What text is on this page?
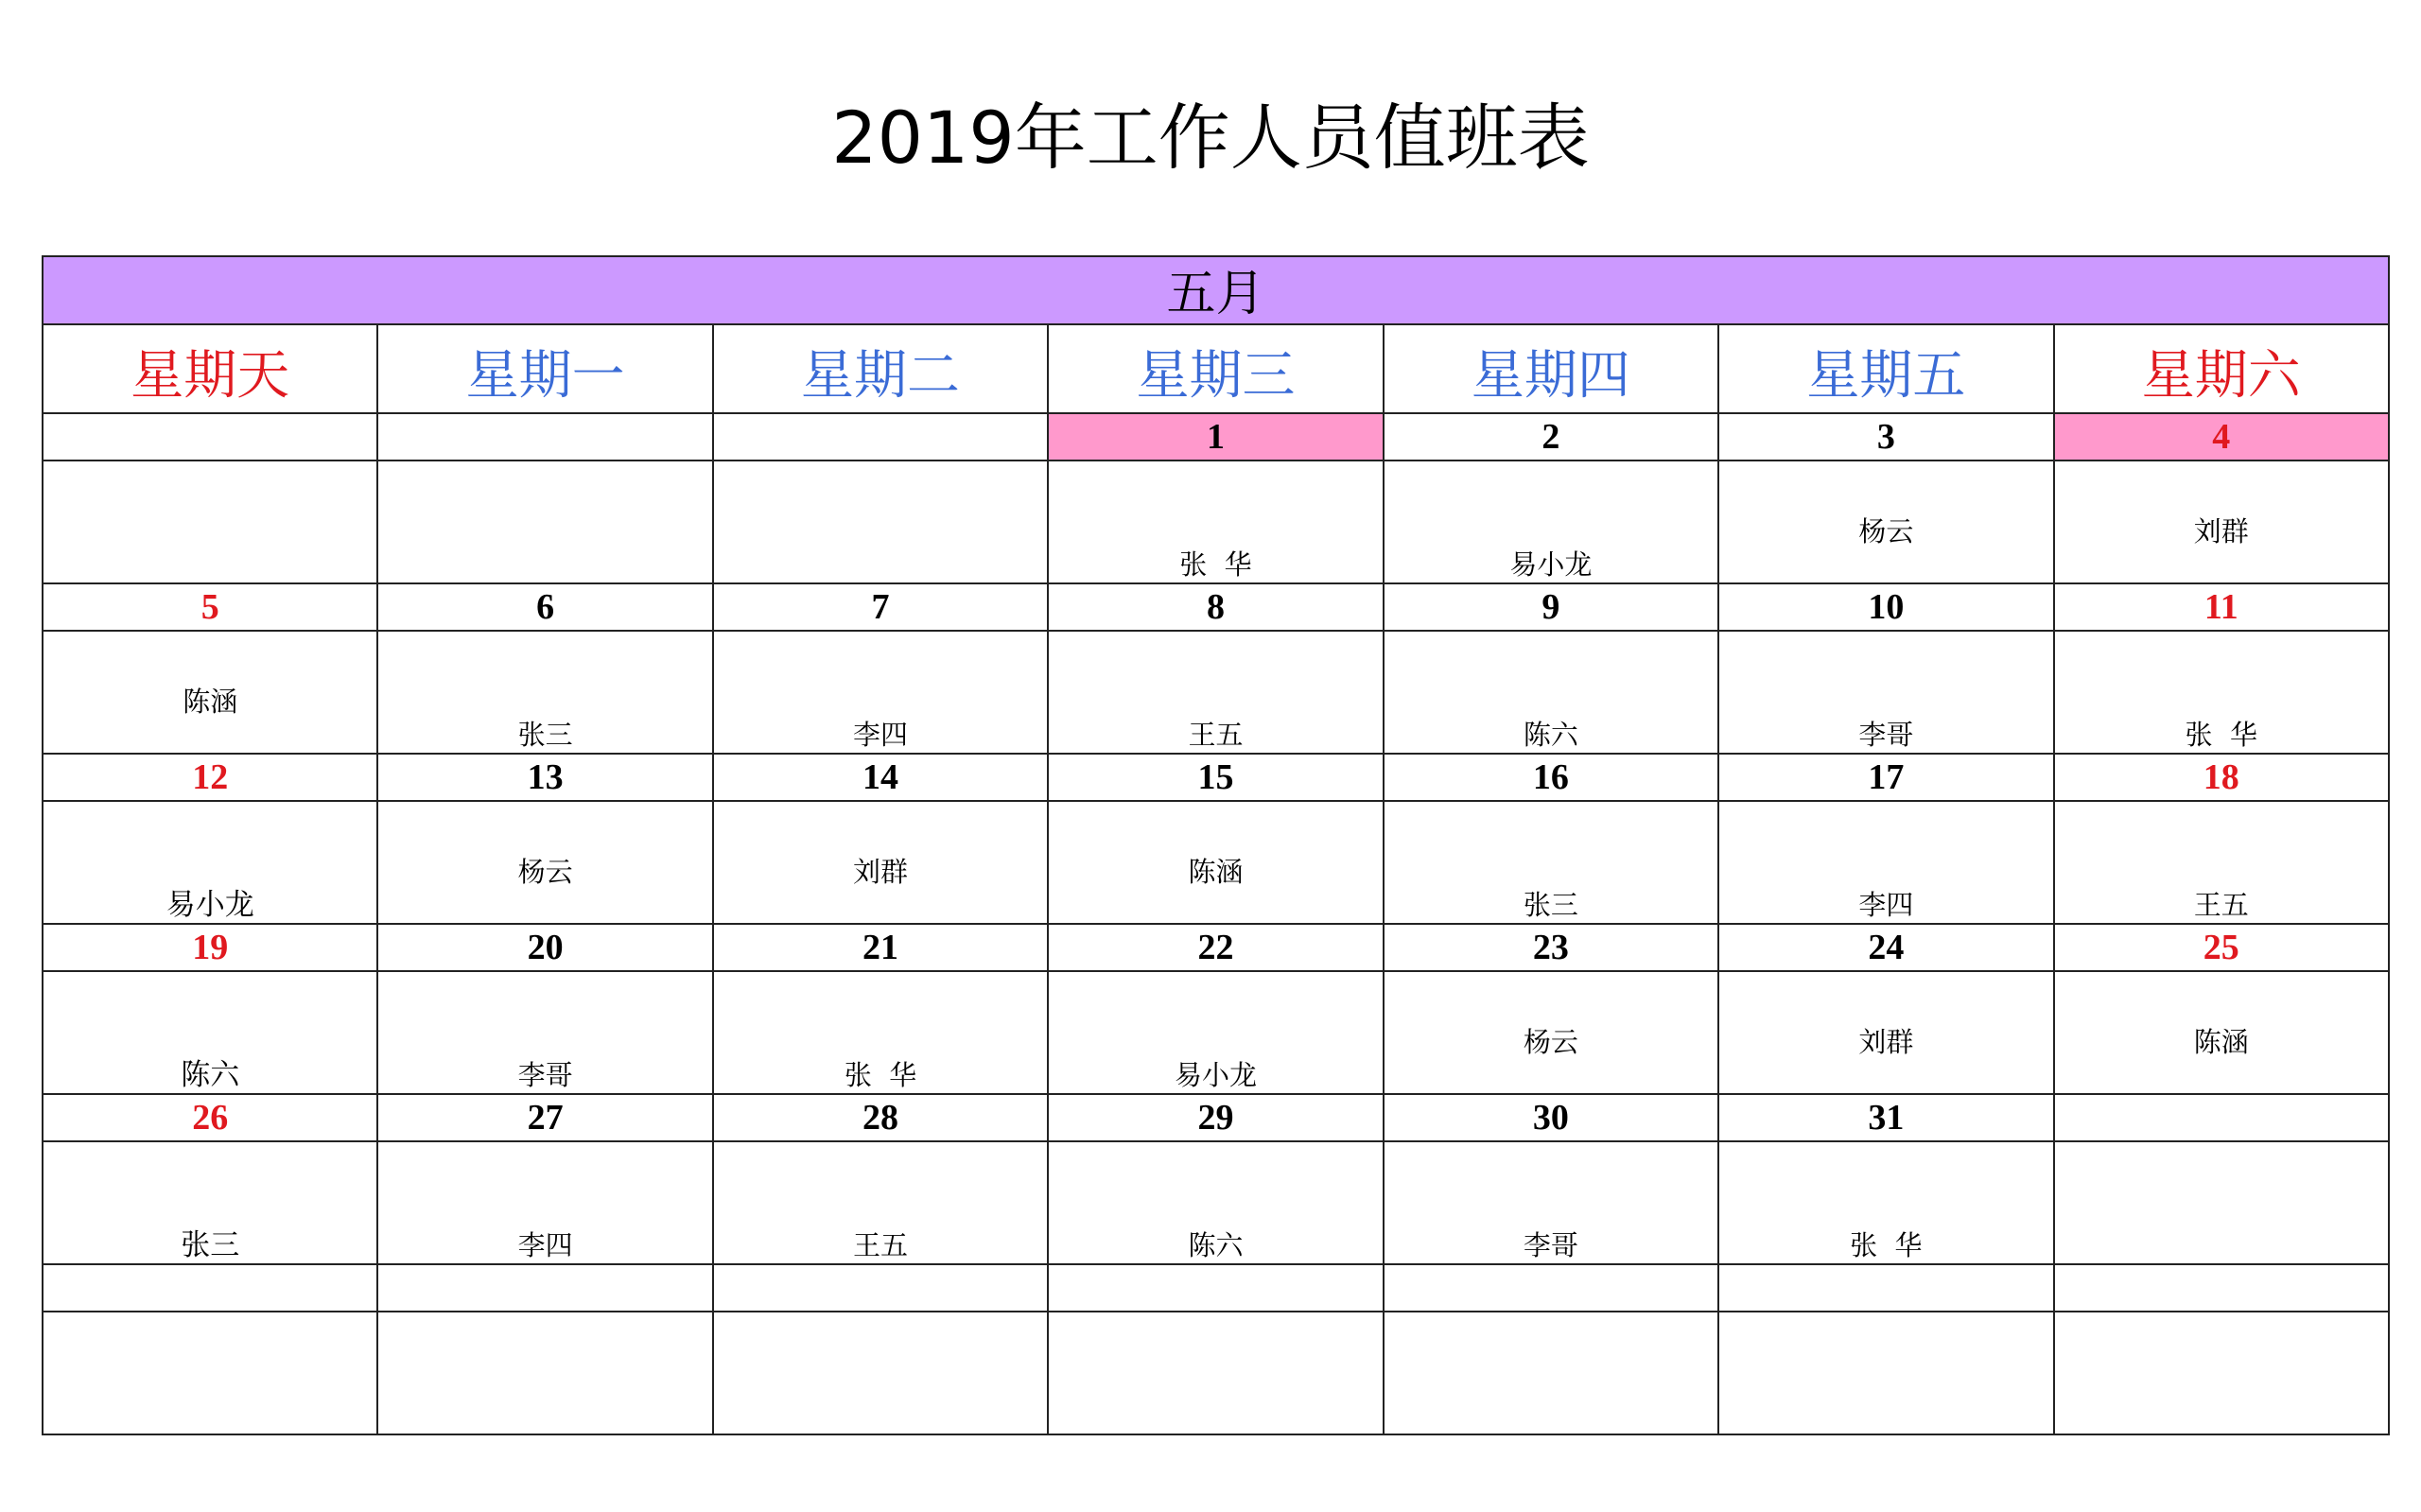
2019年工作人员值班表
五月						
星期天	星期一	星期二	星期三	星期四	星期五	星期六
			1	2	3	4

			张  华	易小龙	杨云	刘群

5	6	7	8	9	10	11

陈涵	张三	李四	王五	陈六	李哥	张  华

12	13	14	15	16	17	18

易小龙	杨云	刘群	陈涵	张三	李四	王五

19	20	21	22	23	24	25

陈六	李哥	张  华	易小龙	杨云	刘群	陈涵

26	27	28	29	30	31	

张三	李四	王五	陈六	李哥	张  华	
